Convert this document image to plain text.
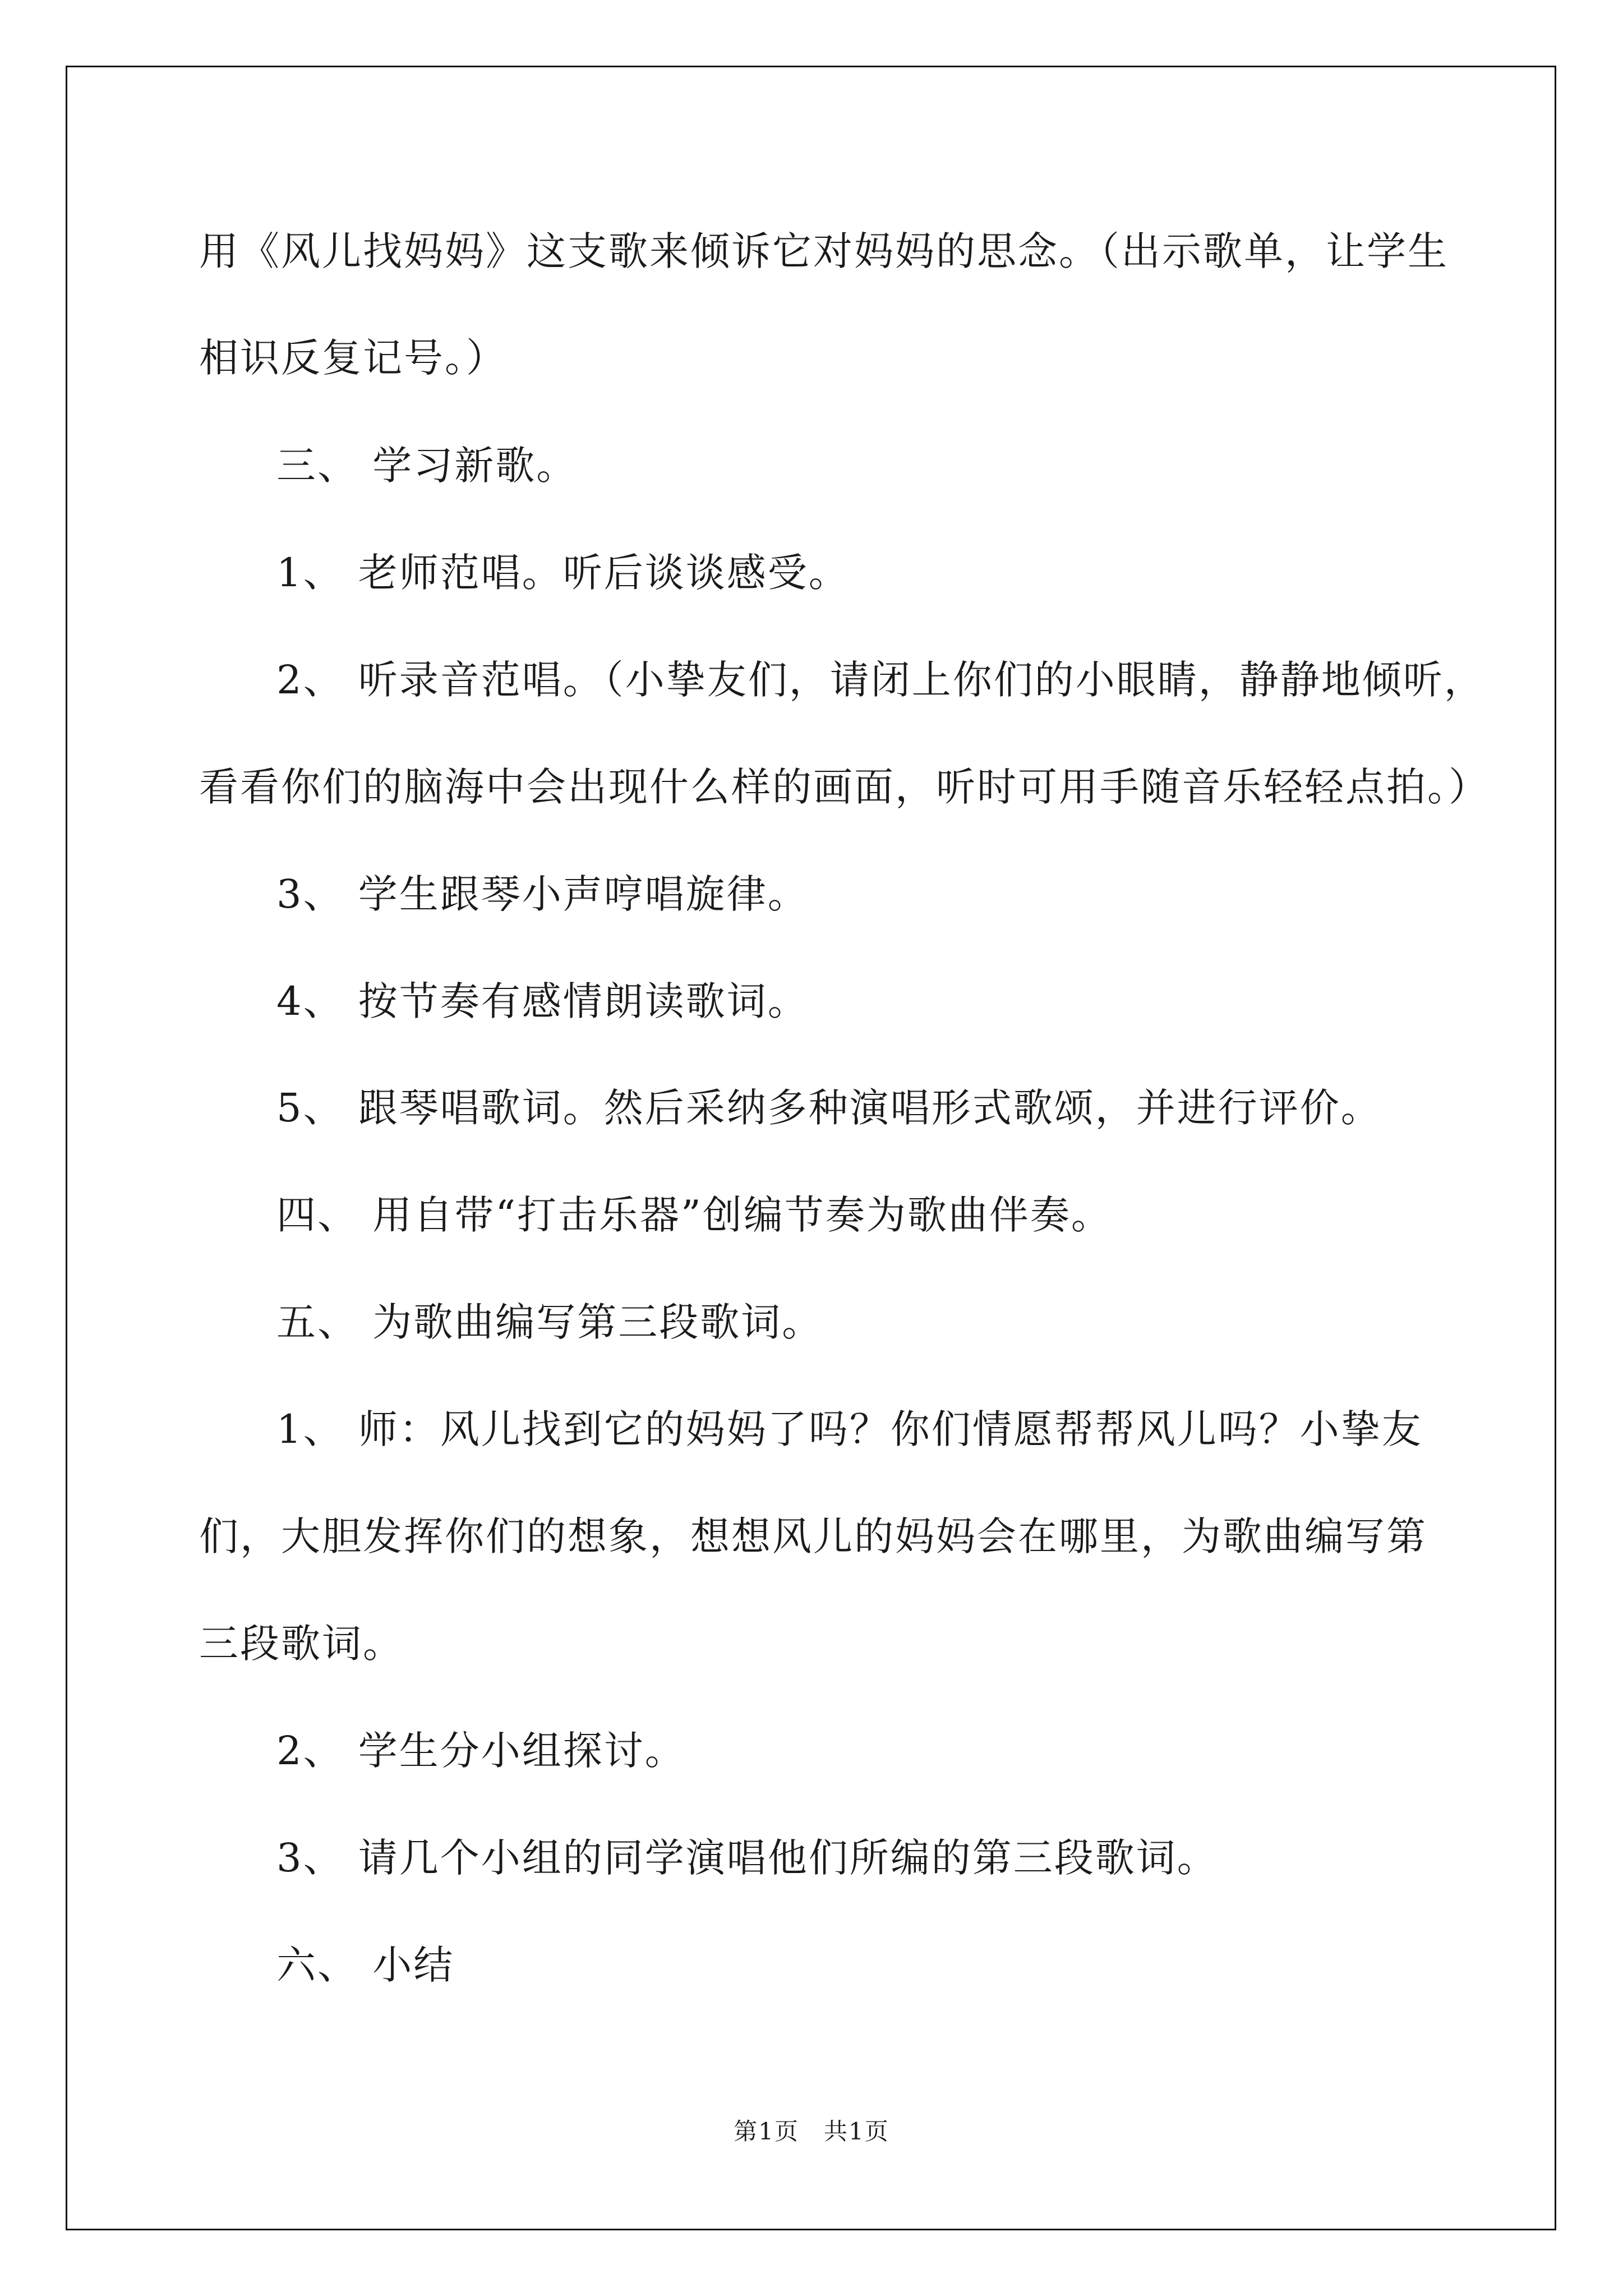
用《风儿找妈妈》这支歌来倾诉它对妈妈的思念。（出示歌单，让学生
相识反复记号。）
三、 学习新歌。
1、 老师范唱。听后谈谈感受。
2、 听录音范唱。（小挚友们，请闭上你们的小眼睛，静静地倾听，
看看你们的脑海中会出现什么样的画面，听时可用手随音乐轻轻点拍。）
3、 学生跟琴小声哼唱旋律。
4、 按节奏有感情朗读歌词。
5、 跟琴唱歌词。然后采纳多种演唱形式歌颂，并进行评价。
四、 用自带“打击乐器”创编节奏为歌曲伴奏。
五、 为歌曲编写第三段歌词。
1、 师：风儿找到它的妈妈了吗？你们情愿帮帮风儿吗？小挚友
们，大胆发挥你们的想象，想想风儿的妈妈会在哪里，为歌曲编写第
三段歌词。
2、 学生分小组探讨。
3、 请几个小组的同学演唱他们所编的第三段歌词。
六、 小结
第1页　共1页
